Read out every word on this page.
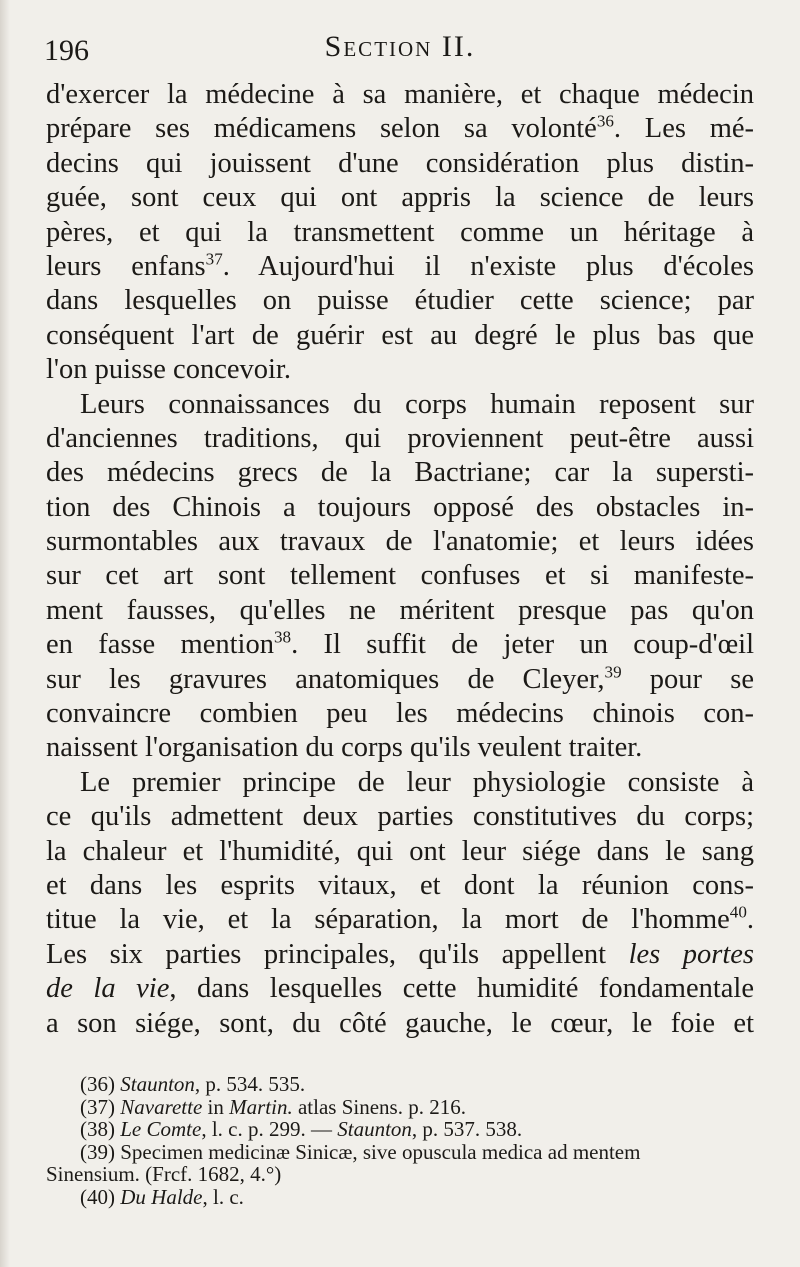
196	Section II.
d'exercer la médecine à sa manière, et chaque médecin
prépare ses médicamens selon sa volonté$^{36}$. Les mé-
decins qui jouissent d'une considération plus distin-
guée, sont ceux qui ont appris la science de leurs
pères, et qui la transmettent comme un héritage à
leurs enfans$^{37}$. Aujourd'hui il n'existe plus d'écoles
dans lesquelles on puisse étudier cette science; par
conséquent l'art de guérir est au degré le plus bas que
l'on puisse concevoir.
Leurs connaissances du corps humain reposent sur
d'anciennes traditions, qui proviennent peut-être aussi
des médecins grecs de la Bactriane; car la supersti-
tion des Chinois a toujours opposé des obstacles in-
surmontables aux travaux de l'anatomie; et leurs idées
sur cet art sont tellement confuses et si manifeste-
ment fausses, qu'elles ne méritent presque pas qu'on
en fasse mention$^{38}$. Il suffit de jeter un coup-d'œil
sur les gravures anatomiques de Cleyer,$^{39}$ pour se
convaincre combien peu les médecins chinois con-
naissent l'organisation du corps qu'ils veulent traiter.
Le premier principe de leur physiologie consiste à
ce qu'ils admettent deux parties constitutives du corps;
la chaleur et l'humidité, qui ont leur siége dans le sang
et dans les esprits vitaux, et dont la réunion cons-
titue la vie, et la séparation, la mort de l'homme$^{40}$.
Les six parties principales, qu'ils appellent les portes
de la vie, dans lesquelles cette humidité fondamentale
a son siége, sont, du côté gauche, le cœur, le foie et
(36) Staunton, p. 534. 535.
(37) Navarette in Martin. atlas Sinens. p. 216.
(38) Le Comte, l. c. p. 299. — Staunton, p. 537. 538.
(39) Specimen medicinæ Sinicæ, sive opuscula medica ad mentem
Sinensium. (Frcf. 1682, 4.°)
(40) Du Halde, l. c.
